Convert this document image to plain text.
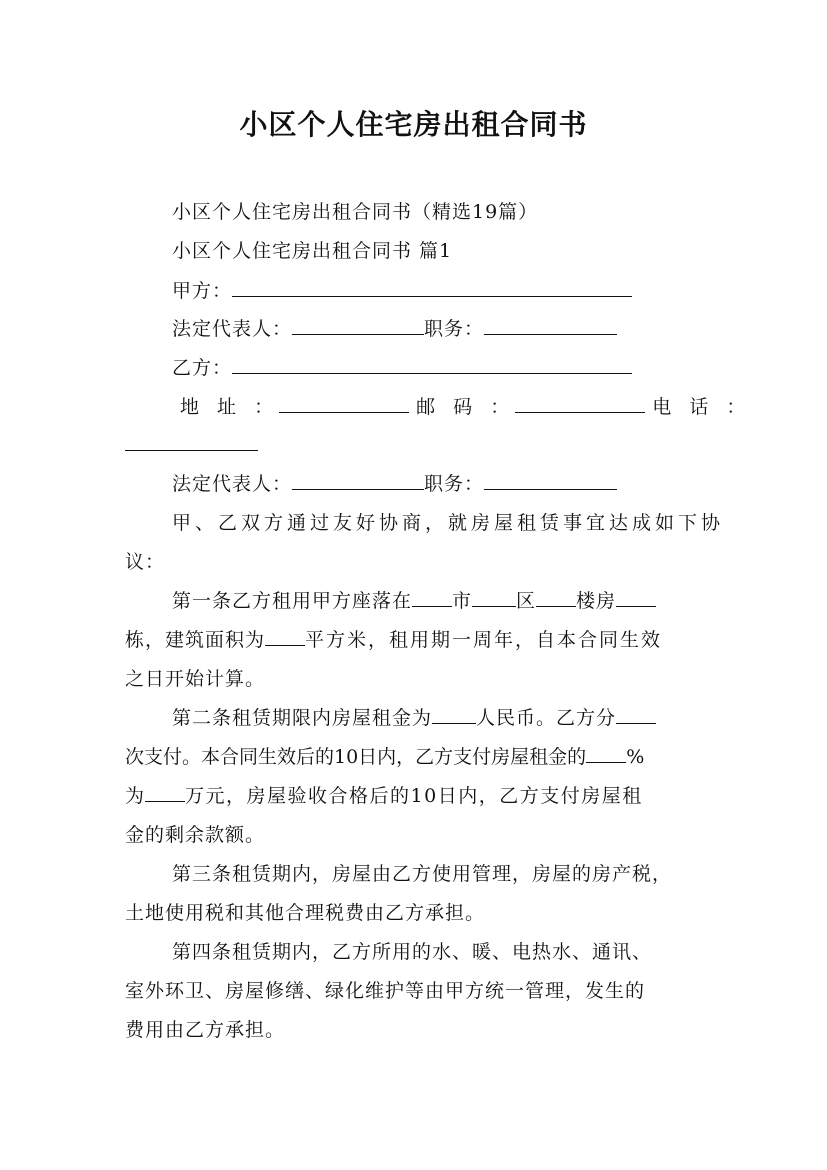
小区个人住宅房出租合同书
小区个人住宅房出租合同书（精选19篇）
小区个人住宅房出租合同书 篇1
甲方：
法定代表人：	职务：
乙方：
地 址 ：	邮 码 ：	电 话 ：
法定代表人：	职务：
甲、乙双方通过友好协商，就房屋租赁事宜达成如下协
议：
第一条乙方租用甲方座落在 市 区 楼房
栋，建筑面积为 平方米，租用期一周年，自本合同生效
之日开始计算。
第二条租赁期限内房屋租金为 人民币。乙方分
次支付。本合同生效后的10日内，乙方支付房屋租金的 %
为 万元，房屋验收合格后的10日内，乙方支付房屋租
金的剩余款额。
第三条租赁期内，房屋由乙方使用管理，房屋的房产税，
土地使用税和其他合理税费由乙方承担。
第四条租赁期内，乙方所用的水、暖、电热水、通讯、
室外环卫、房屋修缮、绿化维护等由甲方统一管理，发生的
费用由乙方承担。
